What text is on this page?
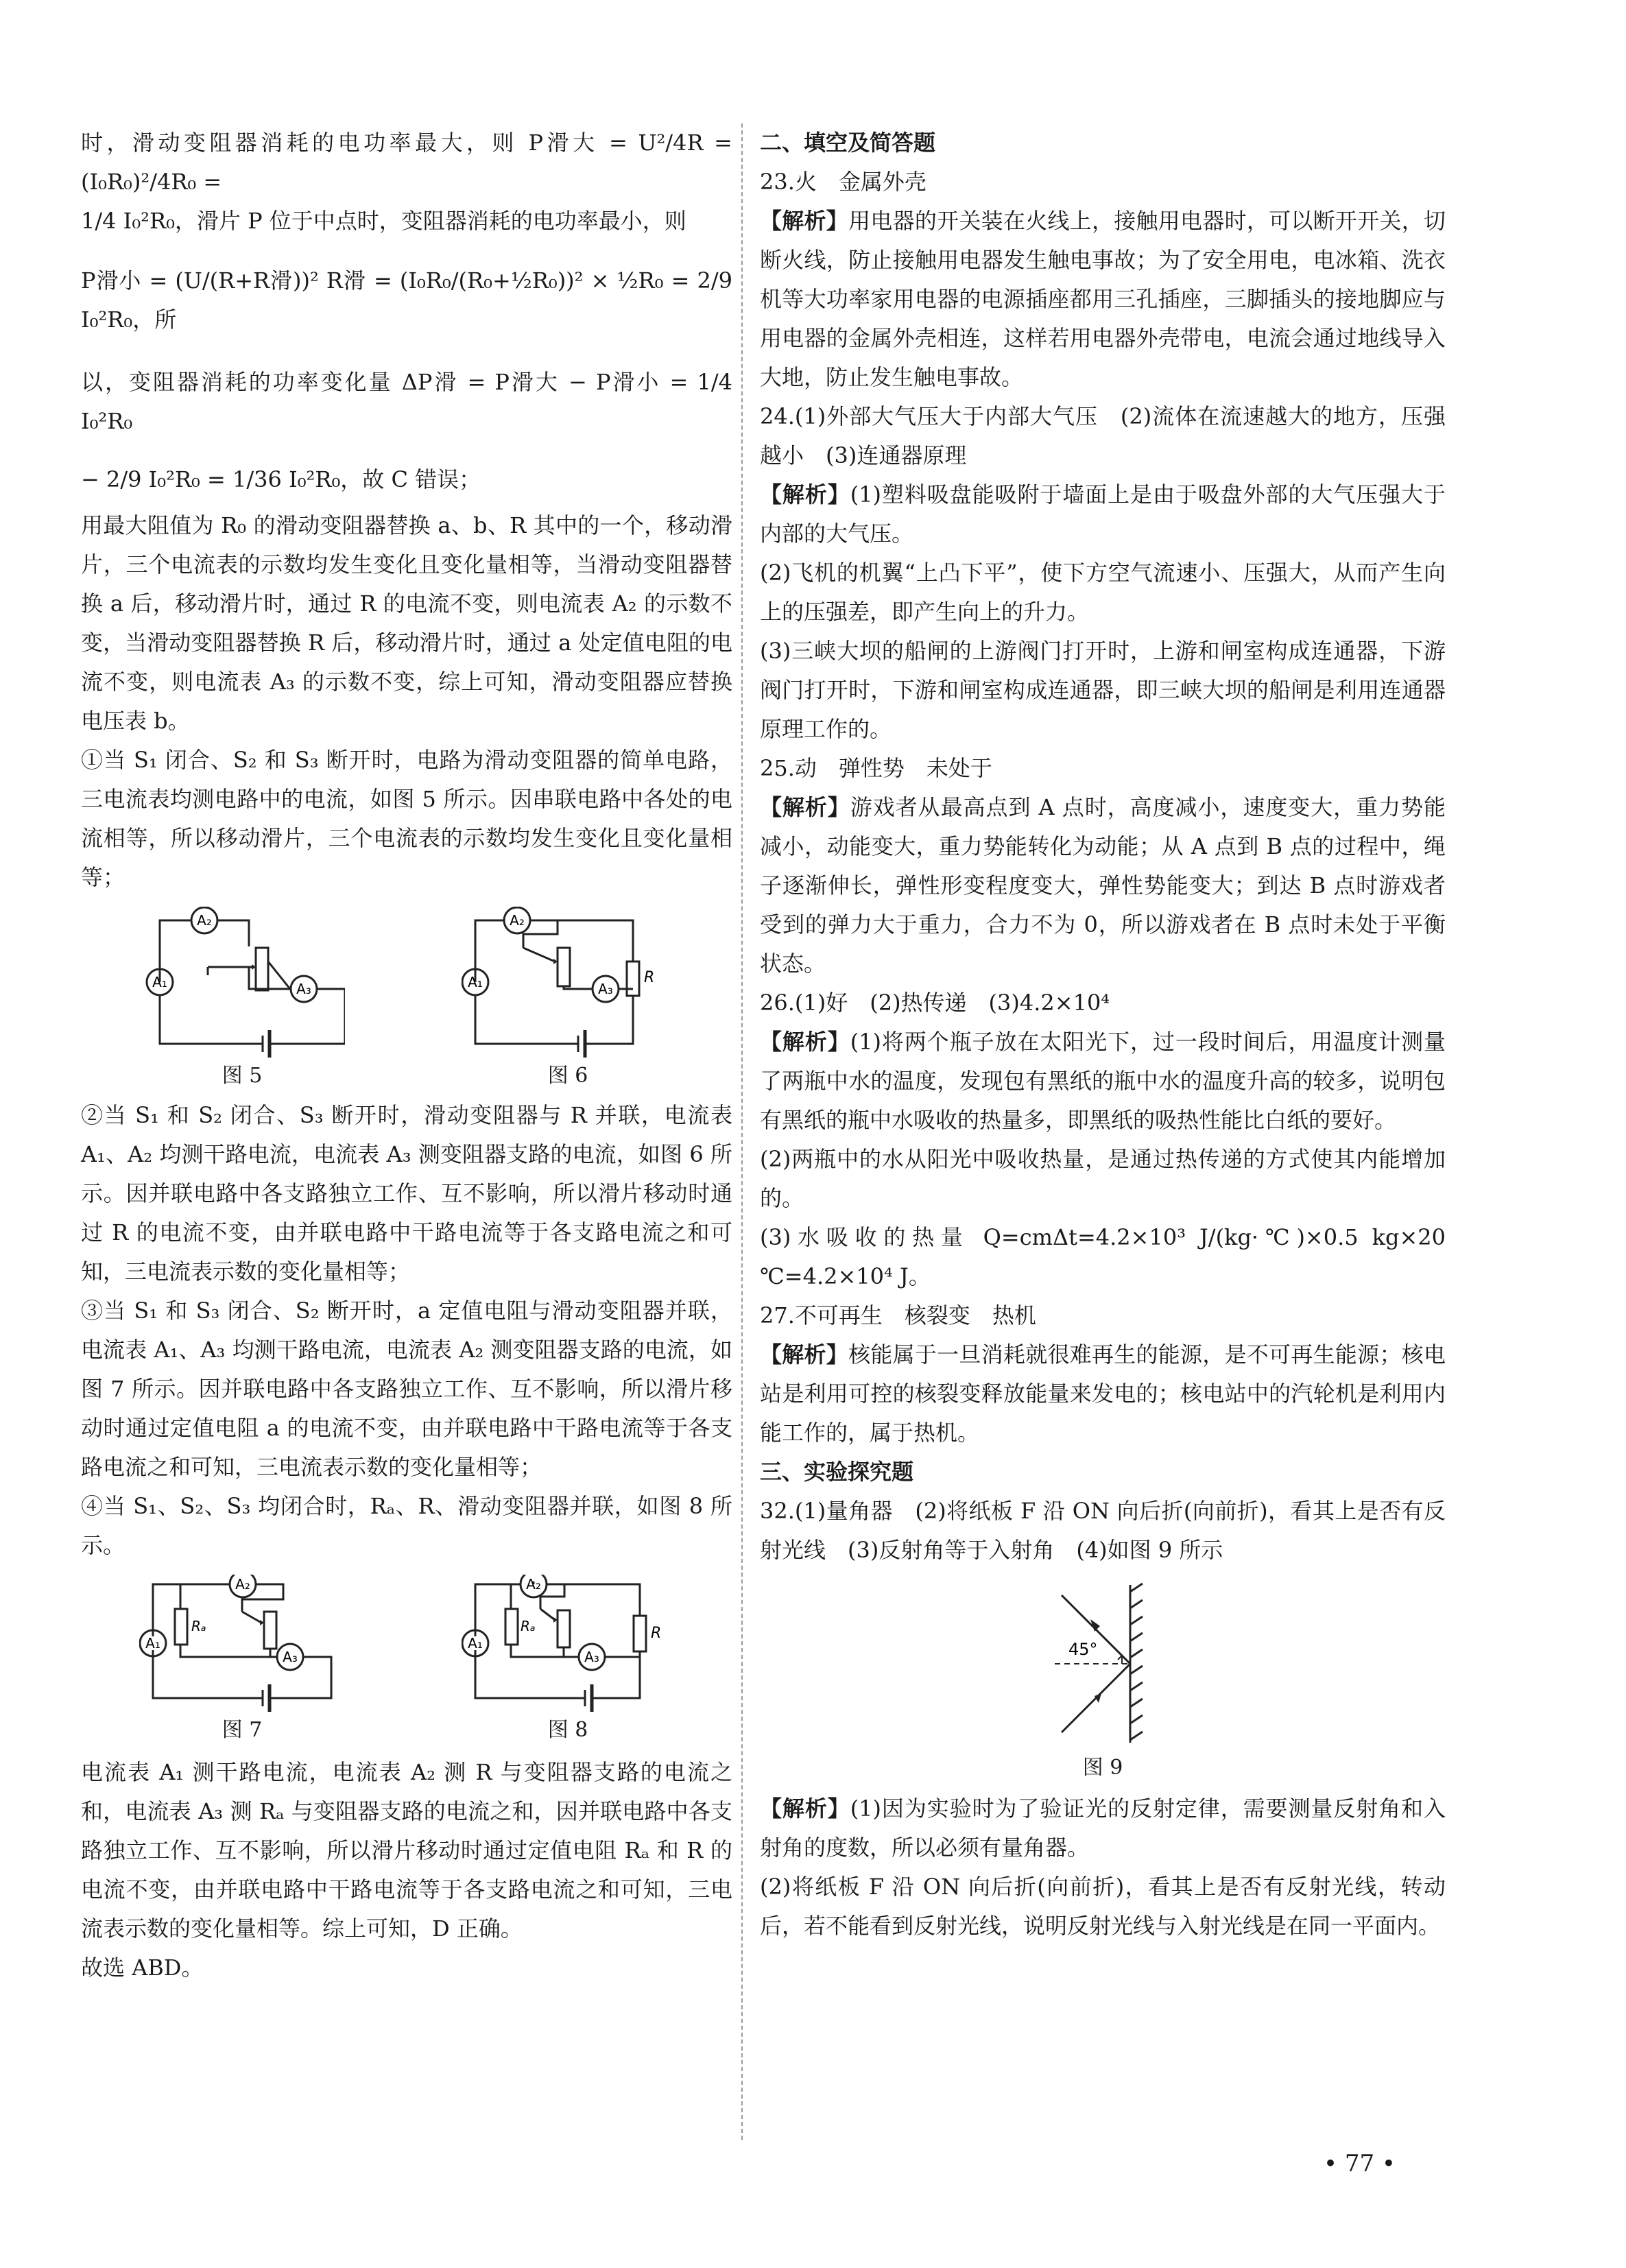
时，滑动变阻器消耗的电功率最大，则 P滑大 = U²/4R = (I₀R₀)²/4R₀ =

1/4 I₀²R₀，滑片 P 位于中点时，变阻器消耗的电功率最小，则

P滑小 = (U/(R+R滑))² R滑 = (I₀R₀/(R₀+½R₀))² × ½R₀ = 2/9 I₀²R₀，所

以，变阻器消耗的功率变化量 ΔP滑 = P滑大 − P滑小 = 1/4 I₀²R₀

− 2/9 I₀²R₀ = 1/36 I₀²R₀，故 C 错误；

用最大阻值为 R₀ 的滑动变阻器替换 a、b、R 其中的一个，移动滑片，三个电流表的示数均发生变化且变化量相等，当滑动变阻器替换 a 后，移动滑片时，通过 R 的电流不变，则电流表 A₂ 的示数不变，当滑动变阻器替换 R 后，移动滑片时，通过 a 处定值电阻的电流不变，则电流表 A₃ 的示数不变，综上可知，滑动变阻器应替换电压表 b。

①当 S₁ 闭合、S₂ 和 S₃ 断开时，电路为滑动变阻器的简单电路，三电流表均测电路中的电流，如图 5 所示。因串联电路中各处的电流相等，所以移动滑片，三个电流表的示数均发生变化且变化量相等；

A₂
A₁	A₃
图 5
A₂
A₁	A₃
R
图 6

②当 S₁ 和 S₂ 闭合、S₃ 断开时，滑动变阻器与 R 并联，电流表 A₁、A₂ 均测干路电流，电流表 A₃ 测变阻器支路的电流，如图 6 所示。因并联电路中各支路独立工作、互不影响，所以滑片移动时通过 R 的电流不变，由并联电路中干路电流等于各支路电流之和可知，三电流表示数的变化量相等；

③当 S₁ 和 S₃ 闭合、S₂ 断开时，a 定值电阻与滑动变阻器并联，电流表 A₁、A₃ 均测干路电流，电流表 A₂ 测变阻器支路的电流，如图 7 所示。因并联电路中各支路独立工作、互不影响，所以滑片移动时通过定值电阻 a 的电流不变，由并联电路中干路电流等于各支路电流之和可知，三电流表示数的变化量相等；

④当 S₁、S₂、S₃ 均闭合时，Rₐ、R、滑动变阻器并联，如图 8 所示。

A₂
A₁
A₃
Rₐ
图 7
A₂
A₁
A₃
Rₐ	R
图 8

电流表 A₁ 测干路电流，电流表 A₂ 测 R 与变阻器支路的电流之和，电流表 A₃ 测 Rₐ 与变阻器支路的电流之和，因并联电路中各支路独立工作、互不影响，所以滑片移动时通过定值电阻 Rₐ 和 R 的电流不变，由并联电路中干路电流等于各支路电流之和可知，三电流表示数的变化量相等。综上可知，D 正确。

故选 ABD。

二、填空及简答题

23.火　金属外壳

【解析】用电器的开关装在火线上，接触用电器时，可以断开开关，切断火线，防止接触用电器发生触电事故；为了安全用电，电冰箱、洗衣机等大功率家用电器的电源插座都用三孔插座，三脚插头的接地脚应与用电器的金属外壳相连，这样若用电器外壳带电，电流会通过地线导入大地，防止发生触电事故。

24.(1)外部大气压大于内部大气压　(2)流体在流速越大的地方，压强越小　(3)连通器原理

【解析】(1)塑料吸盘能吸附于墙面上是由于吸盘外部的大气压强大于内部的大气压。

(2)飞机的机翼“上凸下平”，使下方空气流速小、压强大，从而产生向上的压强差，即产生向上的升力。

(3)三峡大坝的船闸的上游阀门打开时，上游和闸室构成连通器，下游阀门打开时，下游和闸室构成连通器，即三峡大坝的船闸是利用连通器原理工作的。

25.动　弹性势　未处于

【解析】游戏者从最高点到 A 点时，高度减小，速度变大，重力势能减小，动能变大，重力势能转化为动能；从 A 点到 B 点的过程中，绳子逐渐伸长，弹性形变程度变大，弹性势能变大；到达 B 点时游戏者受到的弹力大于重力，合力不为 0，所以游戏者在 B 点时未处于平衡状态。

26.(1)好　(2)热传递　(3)4.2×10⁴

【解析】(1)将两个瓶子放在太阳光下，过一段时间后，用温度计测量了两瓶中水的温度，发现包有黑纸的瓶中水的温度升高的较多，说明包有黑纸的瓶中水吸收的热量多，即黑纸的吸热性能比白纸的要好。

(2)两瓶中的水从阳光中吸收热量，是通过热传递的方式使其内能增加的。

(3)水吸收的热量 Q=cmΔt=4.2×10³ J/(kg·℃)×0.5 kg×20 ℃=4.2×10⁴ J。

27.不可再生　核裂变　热机

【解析】核能属于一旦消耗就很难再生的能源，是不可再生能源；核电站是利用可控的核裂变释放能量来发电的；核电站中的汽轮机是利用内能工作的，属于热机。

三、实验探究题

32.(1)量角器　(2)将纸板 F 沿 ON 向后折(向前折)，看其上是否有反射光线　(3)反射角等于入射角　(4)如图 9 所示

45°
图 9

【解析】(1)因为实验时为了验证光的反射定律，需要测量反射角和入射角的度数，所以必须有量角器。

(2)将纸板 F 沿 ON 向后折(向前折)，看其上是否有反射光线，转动后，若不能看到反射光线，说明反射光线与入射光线是在同一平面内。

• 77 •
